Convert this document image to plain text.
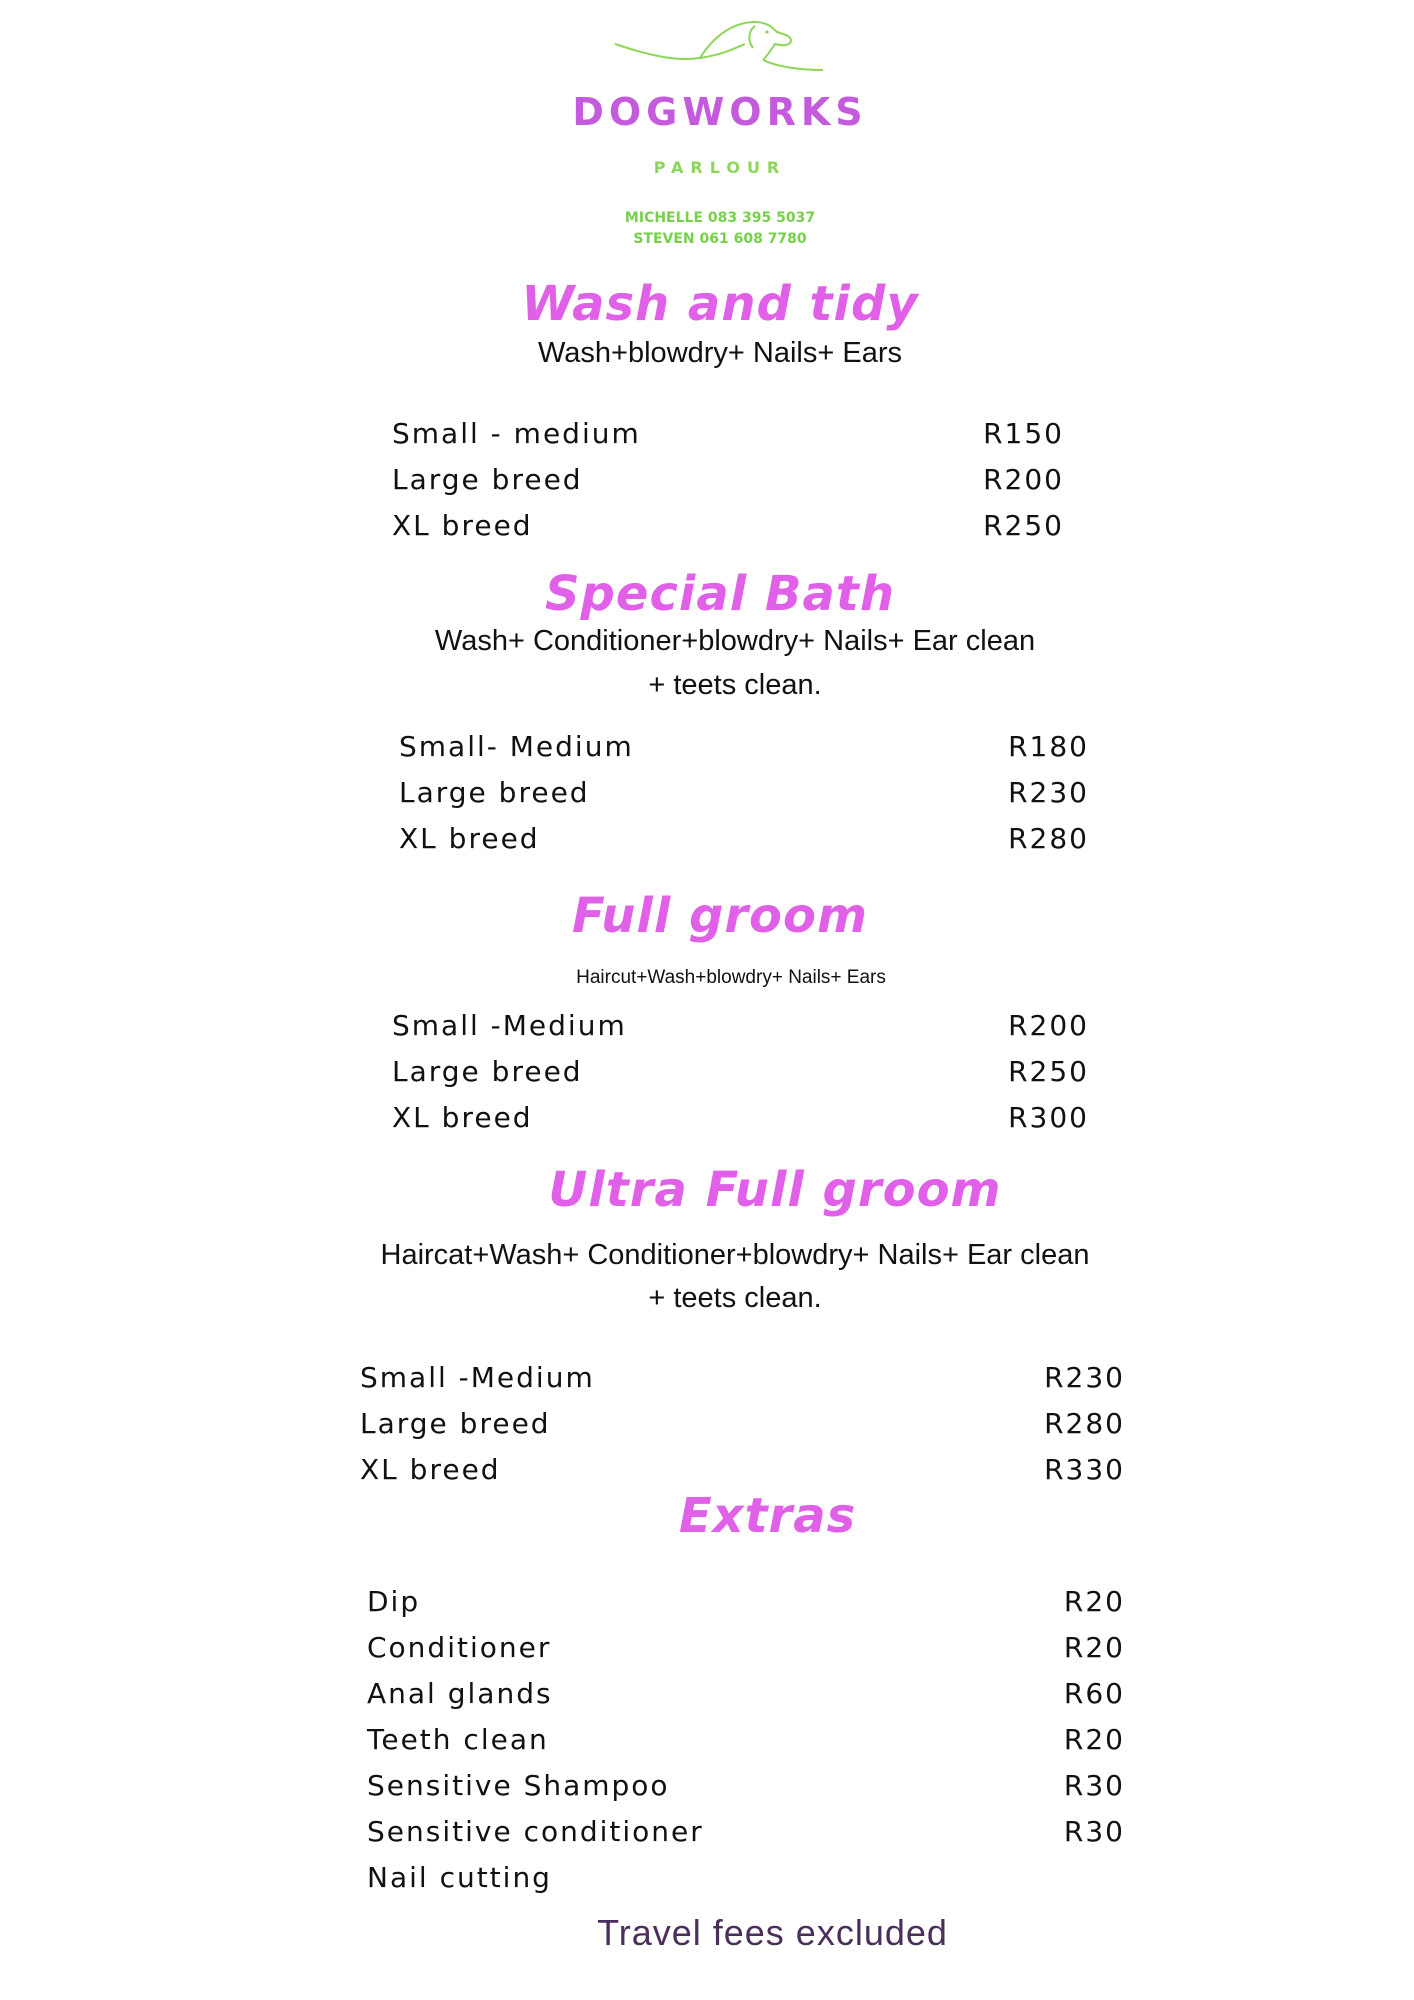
DOGWORKS
PARLOUR
MICHELLE 083 395 5037
STEVEN 061 608 7780
Wash and tidy
Wash+blowdry+ Nails+ Ears
Small - medium	R150
Large breed	R200
XL breed	R250
Special Bath
Wash+ Conditioner+blowdry+ Nails+ Ear clean
+ teets clean.
Small- Medium	R180
Large breed	R230
XL breed	R280
Full groom
Haircut+Wash+blowdry+ Nails+ Ears
Small -Medium	R200
Large breed	R250
XL breed	R300
Ultra Full groom
Haircat+Wash+ Conditioner+blowdry+ Nails+ Ear clean
+ teets clean.
Small -Medium	R230
Large breed	R280
XL breed	R330
Extras
Dip	R20
Conditioner	R20
Anal glands	R60
Teeth clean	R20
Sensitive Shampoo	R30
Sensitive conditioner	R30
Nail cutting
Travel fees excluded
